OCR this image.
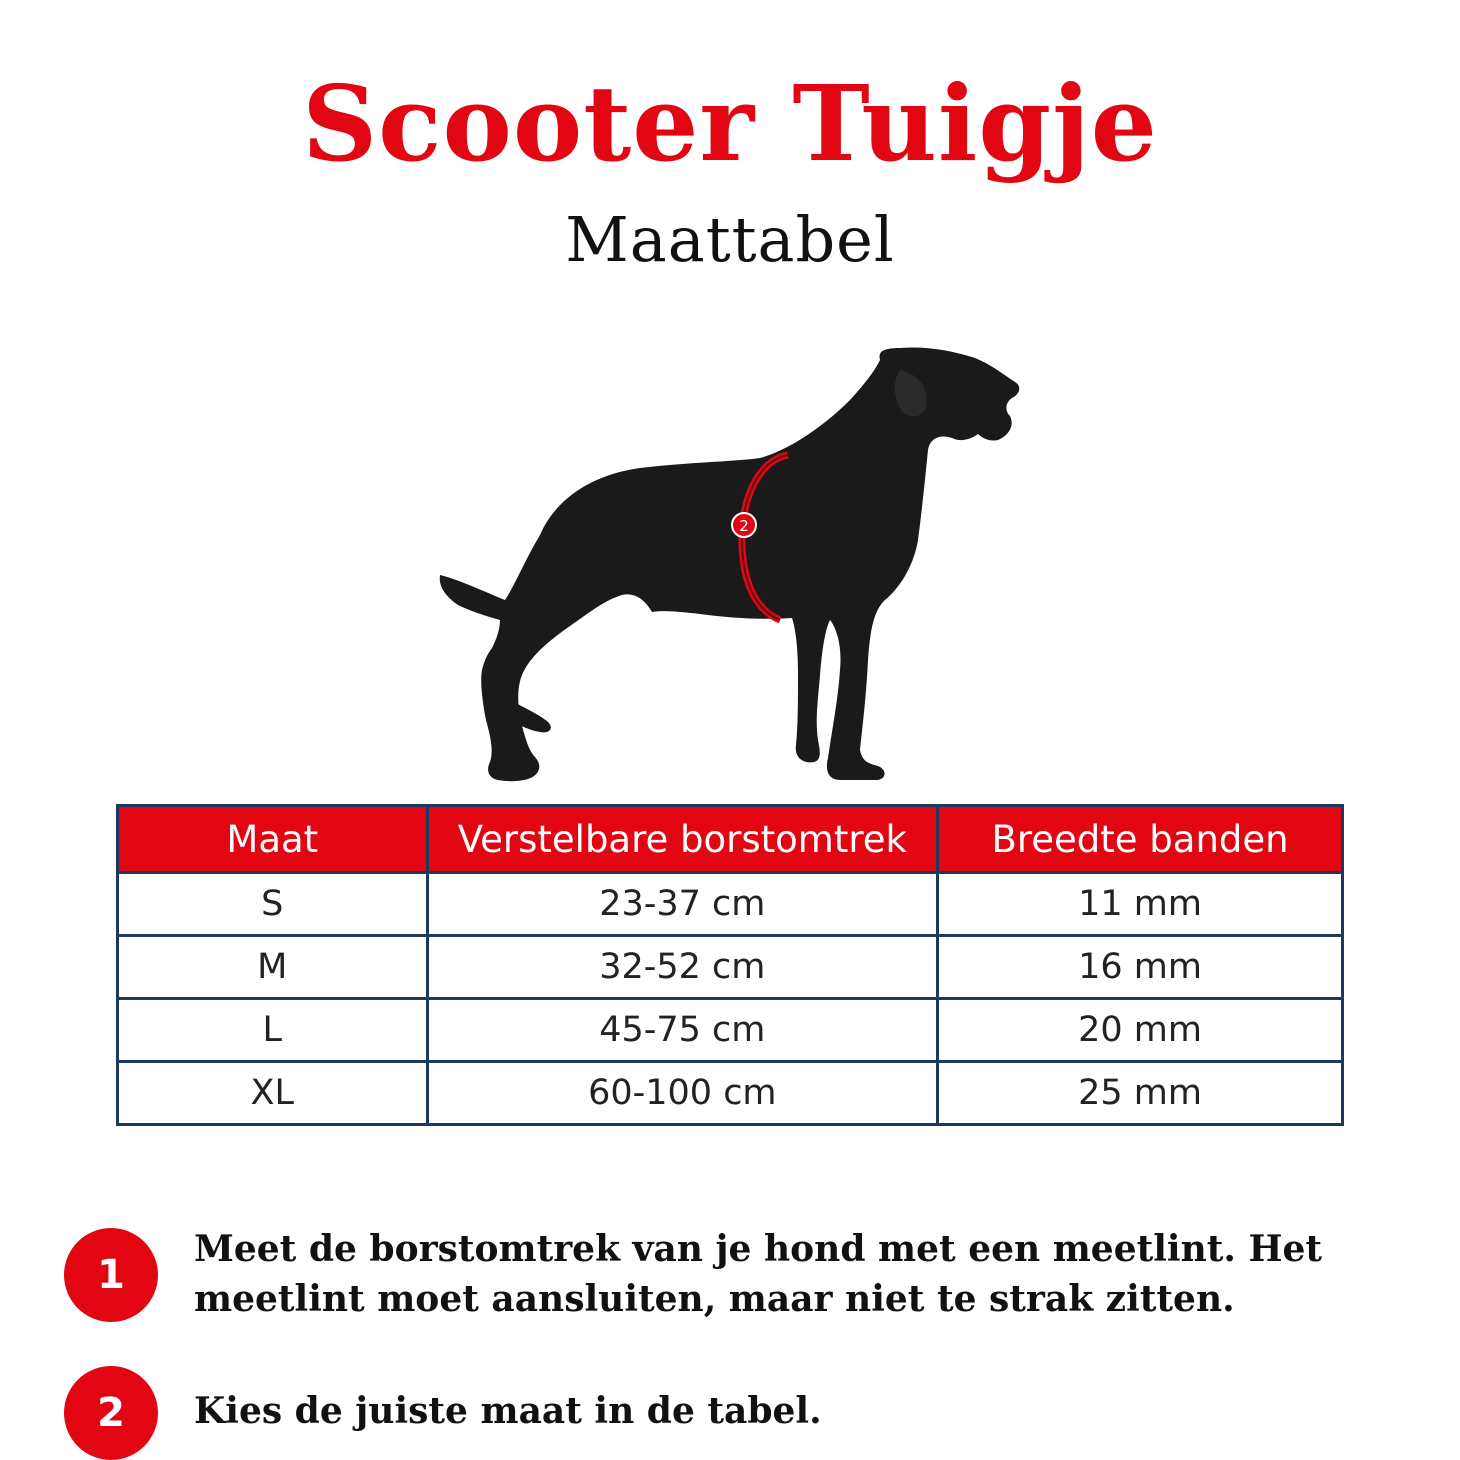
Scooter Tuigje
Maattabel
2
Maat	Verstelbare borstomtrek	Breedte banden
S	23-37 cm	11 mm
M	32-52 cm	16 mm
L	45-75 cm	20 mm
XL	60-100 cm	25 mm
1
Meet de borstomtrek van je hond met een meetlint. Het
meetlint moet aansluiten, maar niet te strak zitten.
2	Kies de juiste maat in de tabel.
